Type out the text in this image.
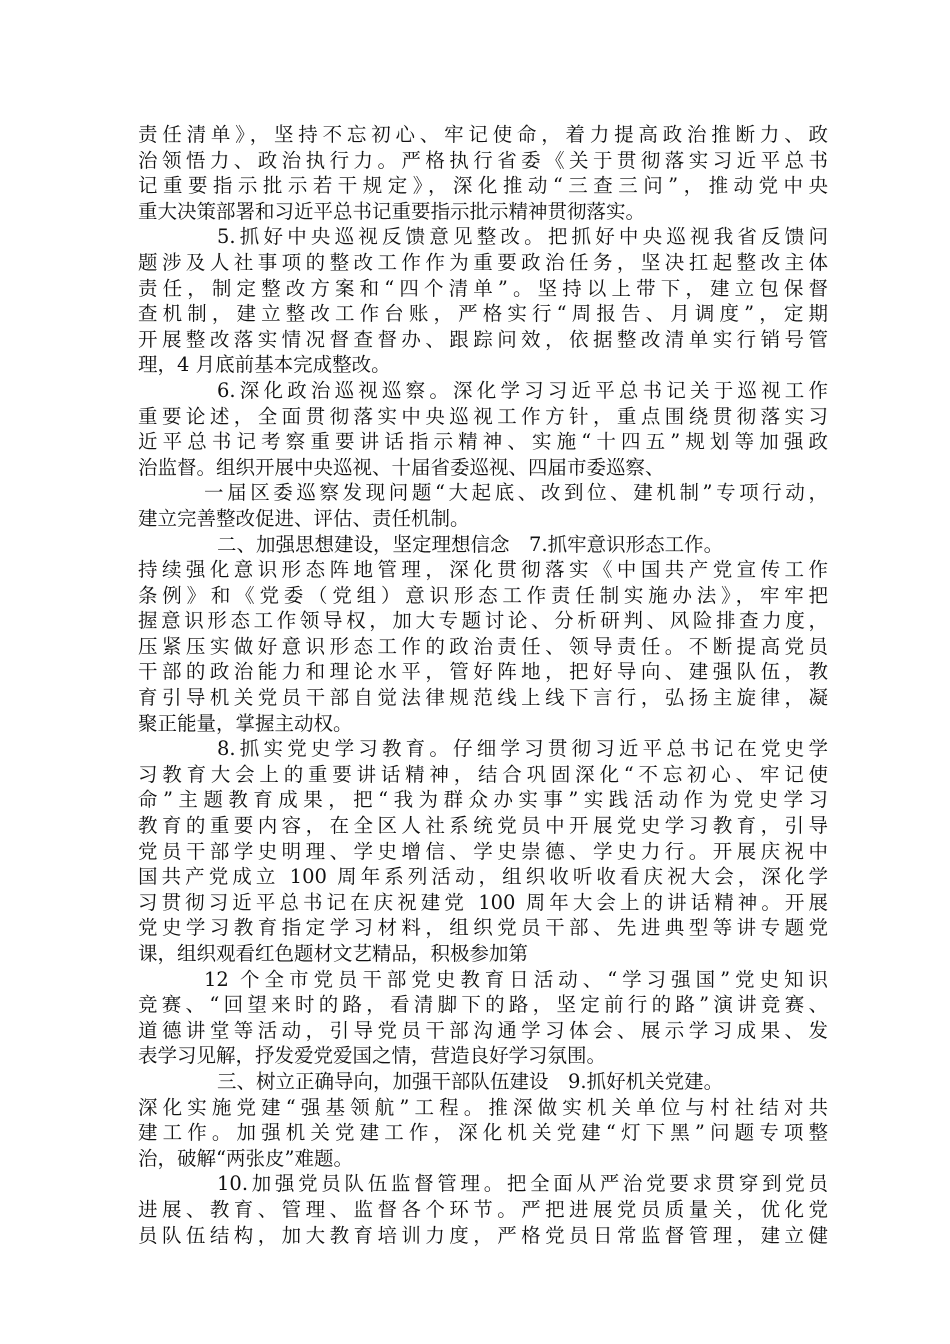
责任清单》，坚持不忘初心、牢记使命，着力提高政治推断力、政
治领悟力、政治执行力。严格执行省委《关于贯彻落实习近平总书
记重要指示批示若干规定》，深化推动“三查三问”，推动党中央
重大决策部署和习近平总书记重要指示批示精神贯彻落实。
5.抓好中央巡视反馈意见整改。把抓好中央巡视我省反馈问
题涉及人社事项的整改工作作为重要政治任务，坚决扛起整改主体
责任，制定整改方案和“四个清单”。坚持以上带下，建立包保督
查机制，建立整改工作台账，严格实行“周报告、月调度”，定期
开展整改落实情况督查督办、跟踪问效，依据整改清单实行销号管
理，4 月底前基本完成整改。
6.深化政治巡视巡察。深化学习习近平总书记关于巡视工作
重要论述，全面贯彻落实中央巡视工作方针，重点围绕贯彻落实习
近平总书记考察重要讲话指示精神、实施“十四五”规划等加强政
治监督。组织开展中央巡视、十届省委巡视、四届市委巡察、
一届区委巡察发现问题“大起底、改到位、建机制”专项行动，
建立完善整改促进、评估、责任机制。
二、加强思想建设，坚定理想信念　7.抓牢意识形态工作。
持续强化意识形态阵地管理，深化贯彻落实《中国共产党宣传工作
条例》和《党委（党组）意识形态工作责任制实施办法》，牢牢把
握意识形态工作领导权，加大专题讨论、分析研判、风险排查力度，
压紧压实做好意识形态工作的政治责任、领导责任。不断提高党员
干部的政治能力和理论水平，管好阵地，把好导向、建强队伍，教
育引导机关党员干部自觉法律规范线上线下言行，弘扬主旋律，凝
聚正能量，掌握主动权。
8.抓实党史学习教育。仔细学习贯彻习近平总书记在党史学
习教育大会上的重要讲话精神，结合巩固深化“不忘初心、牢记使
命”主题教育成果，把“我为群众办实事”实践活动作为党史学习
教育的重要内容，在全区人社系统党员中开展党史学习教育，引导
党员干部学史明理、学史增信、学史崇德、学史力行。开展庆祝中
国共产党成立 100 周年系列活动，组织收听收看庆祝大会，深化学
习贯彻习近平总书记在庆祝建党 100 周年大会上的讲话精神。开展
党史学习教育指定学习材料，组织党员干部、先进典型等讲专题党
课，组织观看红色题材文艺精品，积极参加第
12 个全市党员干部党史教育日活动、“学习强国”党史知识
竞赛、“回望来时的路，看清脚下的路，坚定前行的路”演讲竞赛、
道德讲堂等活动，引导党员干部沟通学习体会、展示学习成果、发
表学习见解，抒发爱党爱国之情，营造良好学习氛围。
三、树立正确导向，加强干部队伍建设　9.抓好机关党建。
深化实施党建“强基领航”工程。推深做实机关单位与村社结对共
建工作。加强机关党建工作，深化机关党建“灯下黑”问题专项整
治，破解“两张皮”难题。
10.加强党员队伍监督管理。把全面从严治党要求贯穿到党员
进展、教育、管理、监督各个环节。严把进展党员质量关，优化党
员队伍结构，加大教育培训力度，严格党员日常监督管理，建立健
